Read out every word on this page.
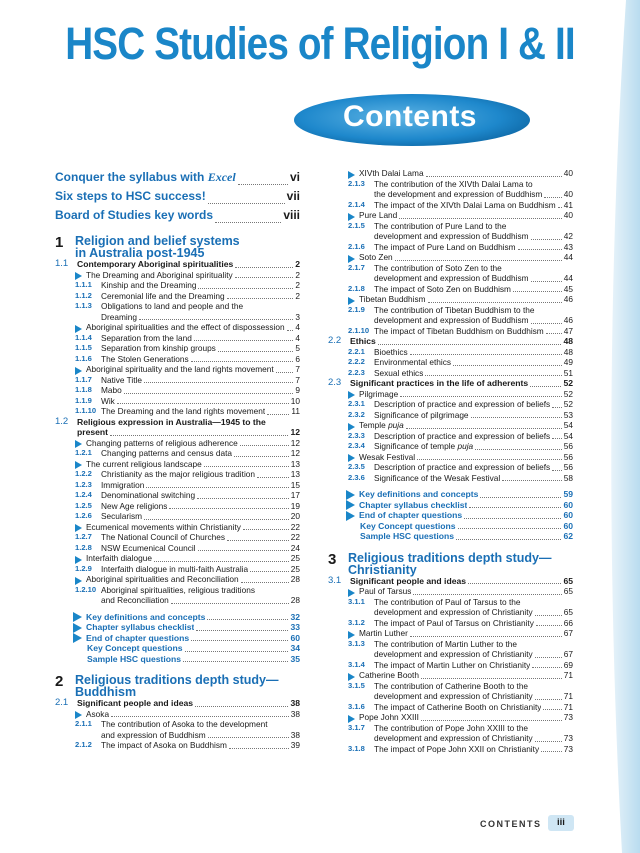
HSC Studies of Religion I & II
Contents
Conquer the syllabus with Excel	vi
Six steps to HSC success!	vii
Board of Studies key words	viii
1 Religion and belief systems
in Australia post-1945
1.1	Contemporary Aboriginal spiritualities	2
The Dreaming and Aboriginal spirituality	2
1.1.1	Kinship and the Dreaming	2
1.1.2	Ceremonial life and the Dreaming	2
1.1.3	Obligations to land and people and the
Dreaming	3
Aboriginal spiritualities and the effect of dispossession 4
1.1.4	Separation from the land	4
1.1.5	Separation from kinship groups	5
1.1.6	The Stolen Generations	6
Aboriginal spirituality and the land rights movement	7
1.1.7	Native Title	7
1.1.8	Mabo	9
1.1.9	Wik	10
1.1.10 The Dreaming and the land rights movement	11
1.2	Religious expression in Australia—1945 to the
present	12
Changing patterns of religious adherence	12
1.2.1	Changing patterns and census data	12
The current religious landscape	13
1.2.2	Christianity as the major religious tradition	13
1.2.3	Immigration	15
1.2.4	Denominational switching	17
1.2.5	New Age religions	19
1.2.6	Secularism	20
Ecumenical movements within Christianity	22
1.2.7	The National Council of Churches	22
1.2.8	NSW Ecumenical Council	24
Interfaith dialogue	25
1.2.9	Interfaith dialogue in multi-faith Australia	25
Aboriginal spiritualities and Reconciliation	28
1.2.10 Aboriginal spiritualities, religious traditions
and Reconciliation	28
Key definitions and concepts	32
Chapter syllabus checklist	33
End of chapter questions	60
Key Concept questions	34
Sample HSC questions	35
2 Religious traditions depth study—
Buddhism
2.1	Significant people and ideas	38
Asoka	38
2.1.1	The contribution of Asoka to the development
and expression of Buddhism	38
2.1.2	The impact of Asoka on Buddhism	39
XIVth Dalai Lama	40
2.1.3	The contribution of the XIVth Dalai Lama to
the development and expression of Buddhism	40
2.1.4	The impact of the XIVth Dalai Lama on Buddhism 41
Pure Land	40
2.1.5	The contribution of Pure Land to the
development and expression of Buddhism	42
2.1.6	The impact of Pure Land on Buddhism	43
Soto Zen	44
2.1.7	The contribution of Soto Zen to the
development and expression of Buddhism	44
2.1.8	The impact of Soto Zen on Buddhism	45
Tibetan Buddhism	46
2.1.9	The contribution of Tibetan Buddhism to the
development and expression of Buddhism	46
2.1.10 The impact of Tibetan Buddhism on Buddhism 47
2.2	Ethics	48
2.2.1	Bioethics	48
2.2.2	Environmental ethics	49
2.2.3	Sexual ethics	51
2.3	Significant practices in the life of adherents	52
Pilgrimage	52
2.3.1	Description of practice and expression of beliefs 52
2.3.2	Significance of pilgrimage	53
Temple puja	54
2.3.3	Description of practice and expression of beliefs 54
2.3.4	Significance of temple puja	56
Wesak Festival	56
2.3.5	Description of practice and expression of beliefs 56
2.3.6	Significance of the Wesak Festival	58
Key definitions and concepts	59
Chapter syllabus checklist	60
End of chapter questions	60
Key Concept questions	60
Sample HSC questions	62
3 Religious traditions depth study—
Christianity
3.1	Significant people and ideas	65
Paul of Tarsus	65
3.1.1	The contribution of Paul of Tarsus to the
development and expression of Christianity	65
3.1.2	The impact of Paul of Tarsus on Christianity	66
Martin Luther	67
3.1.3	The contribution of Martin Luther to the
development and expression of Christianity	67
3.1.4	The impact of Martin Luther on Christianity	69
Catherine Booth	71
3.1.5	The contribution of Catherine Booth to the
development and expression of Christianity	71
3.1.6	The impact of Catherine Booth on Christianity	71
Pope John XXIII	73
3.1.7	The contribution of Pope John XXIII to the
development and expression of Christianity	73
3.1.8	The impact of Pope John XXII on Christianity	73
CONTENTS	iii
